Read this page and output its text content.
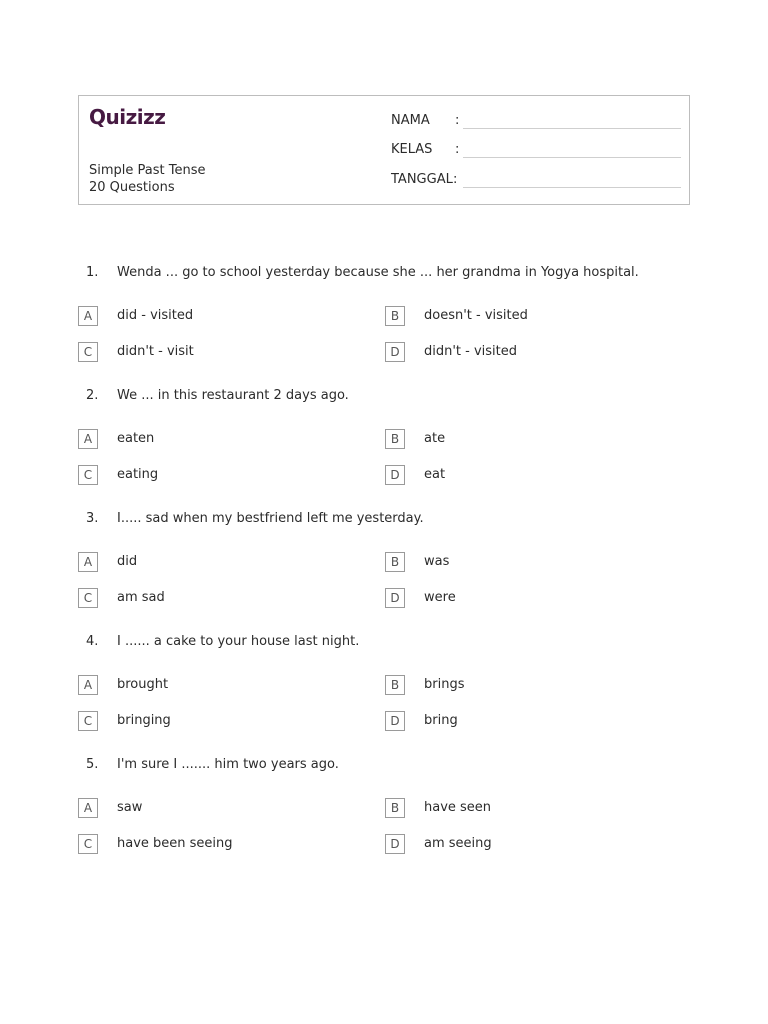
Quizizz
Simple Past Tense
20 Questions
NAMA :
KELAS :
TANGGAL :
1. Wenda ... go to school yesterday because she ... her grandma in Yogya hospital.
A	did - visited	B	doesn't - visited
C	didn't - visit	D	didn't - visited
2. We ... in this restaurant 2 days ago.
A	eaten	B	ate
C	eating	D	eat
3. I..... sad when my bestfriend left me yesterday.
A	did	B	was
C	am sad	D	were
4. I ...... a cake to your house last night.
A	brought	B	brings
C	bringing	D	bring
5. I'm sure I ....... him two years ago.
A	saw	B	have seen
C	have been seeing	D	am seeing
